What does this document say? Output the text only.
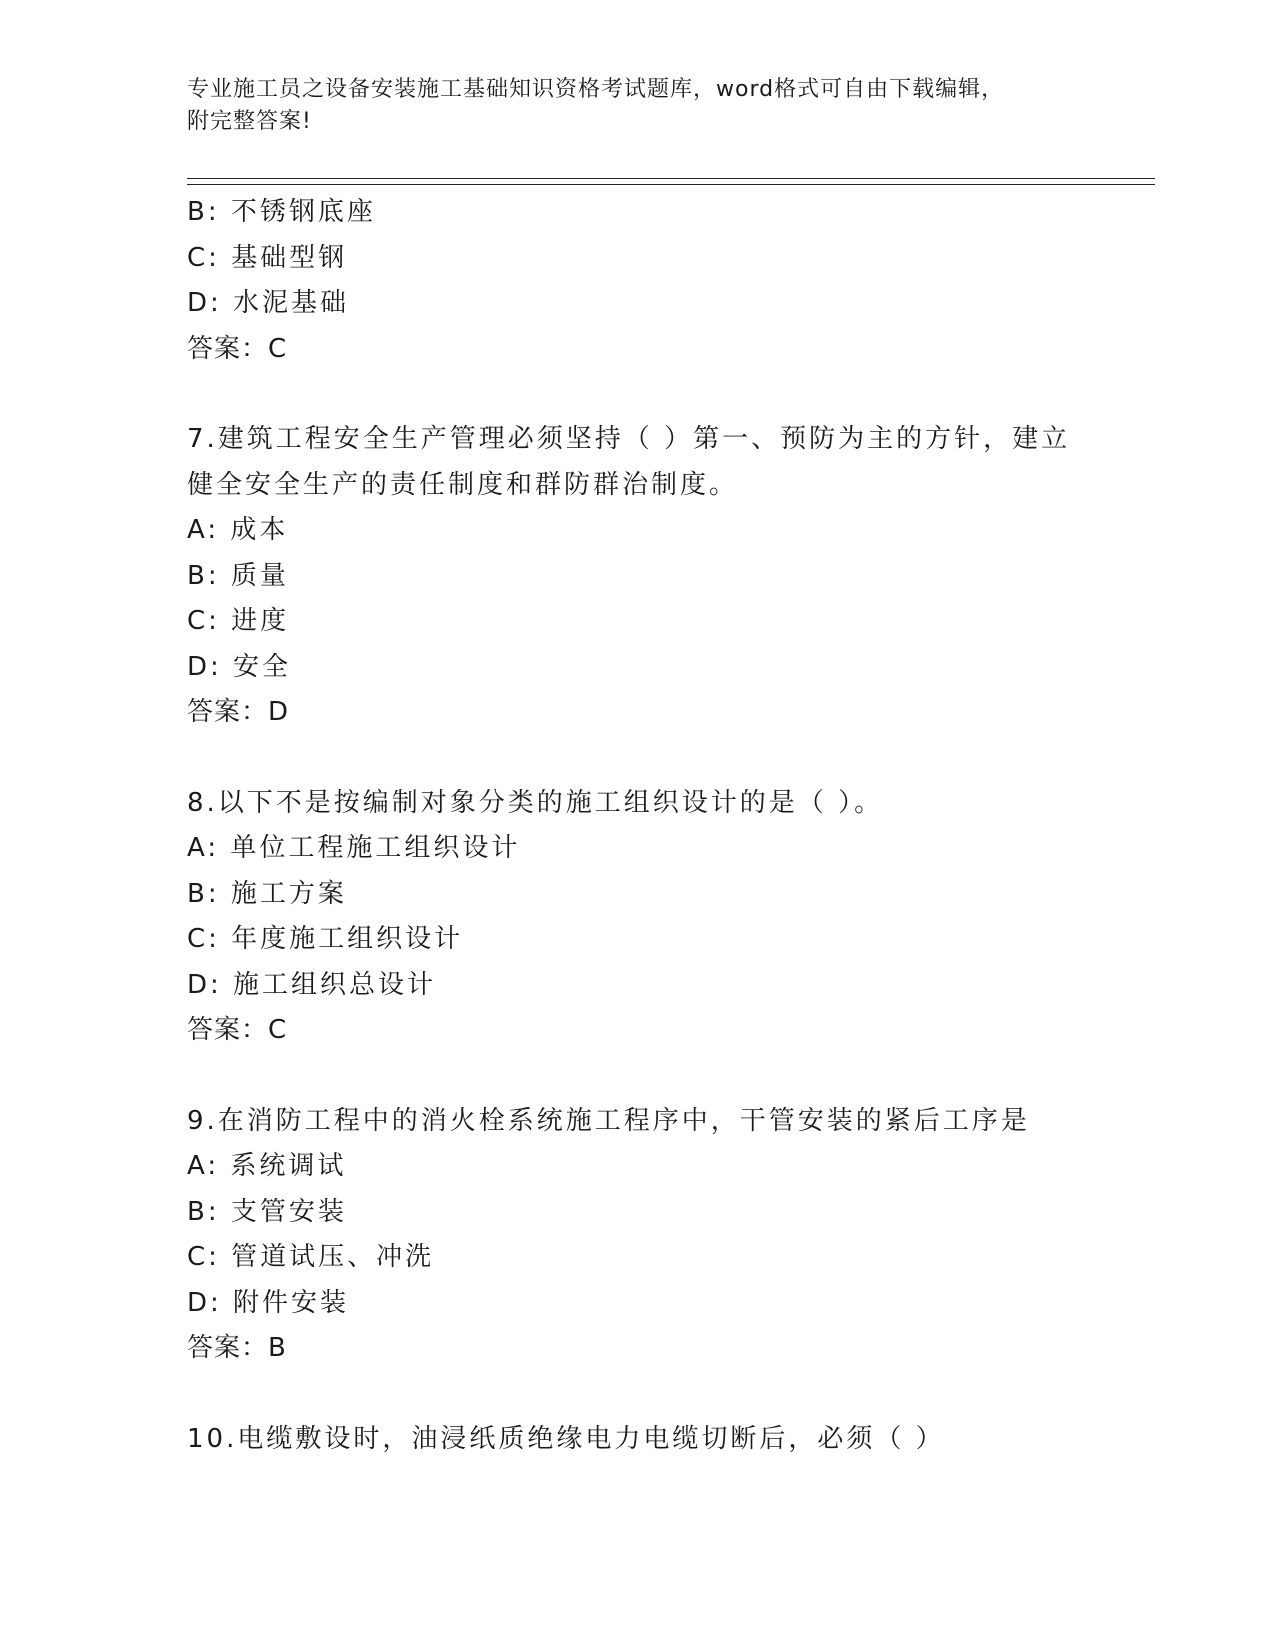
专业施工员之设备安装施工基础知识资格考试题库，word格式可自由下载编辑，
附完整答案!
B: 不锈钢底座
C: 基础型钢
D: 水泥基础
答案：C
7.建筑工程安全生产管理必须坚持（ ）第一、预防为主的方针，建立
健全安全生产的责任制度和群防群治制度。
A: 成本
B: 质量
C: 进度
D: 安全
答案：D
8.以下不是按编制对象分类的施工组织设计的是（ ）。
A: 单位工程施工组织设计
B: 施工方案
C: 年度施工组织设计
D: 施工组织总设计
答案：C
9.在消防工程中的消火栓系统施工程序中，干管安装的紧后工序是
A: 系统调试
B: 支管安装
C: 管道试压、冲洗
D: 附件安装
答案：B
10.电缆敷设时，油浸纸质绝缘电力电缆切断后，必须（ ）
